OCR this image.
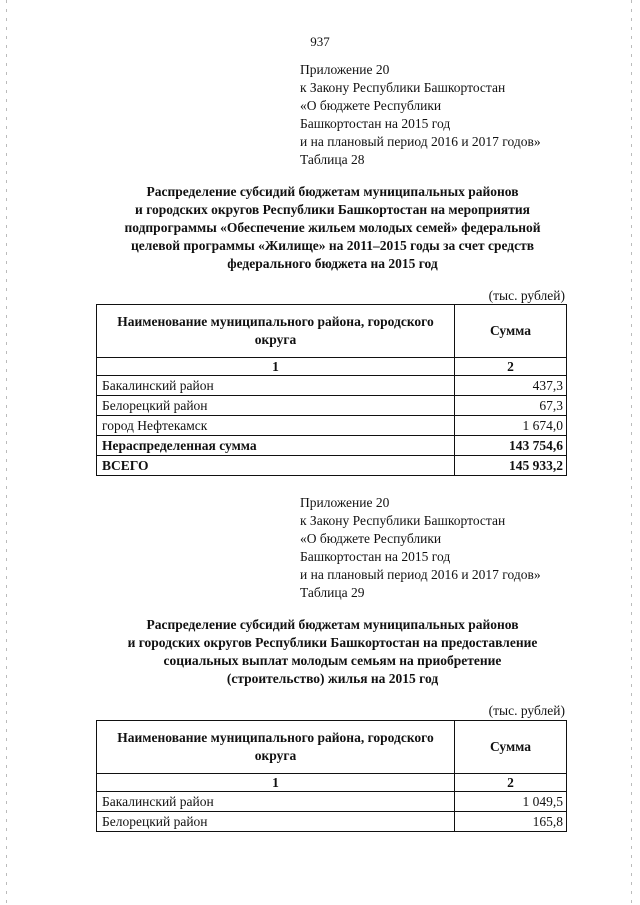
937
Приложение 20
к Закону Республики Башкортостан
«О бюджете Республики
Башкортостан на 2015 год
и на плановый период 2016 и 2017 годов»
Таблица 28
Распределение субсидий бюджетам муниципальных районов
и городских округов Республики Башкортостан на мероприятия
подпрограммы «Обеспечение жильем молодых семей» федеральной
целевой программы «Жилище» на 2011–2015 годы за счет средств
федерального бюджета на 2015 год
(тыс. рублей)
Наименование муниципального района, городского округа	Сумма
1	2
Бакалинский район	437,3
Белорецкий район	67,3
город Нефтекамск	1 674,0
Нераспределенная сумма	143 754,6
ВСЕГО	145 933,2
Приложение 20
к Закону Республики Башкортостан
«О бюджете Республики
Башкортостан на 2015 год
и на плановый период 2016 и 2017 годов»
Таблица 29
Распределение субсидий бюджетам муниципальных районов
и городских округов Республики Башкортостан на предоставление
социальных выплат молодым семьям на приобретение
(строительство) жилья на 2015 год
(тыс. рублей)
Наименование муниципального района, городского округа	Сумма
1	2
Бакалинский район	1 049,5
Белорецкий район	165,8
